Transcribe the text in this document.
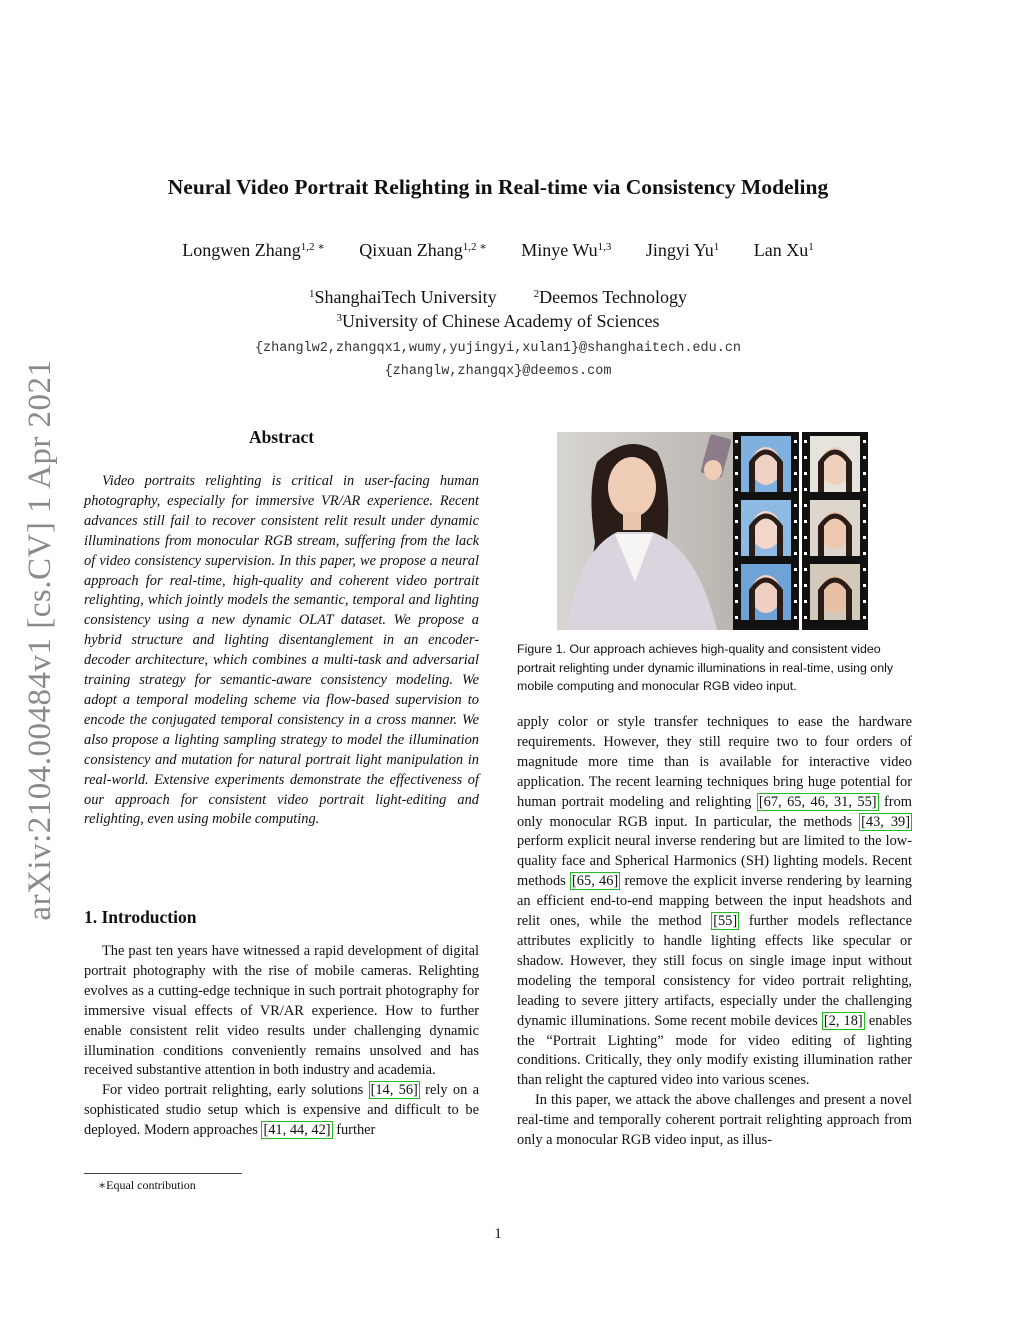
arXiv:2104.00484v1 [cs.CV] 1 Apr 2021
Neural Video Portrait Relighting in Real-time via Consistency Modeling
Longwen Zhang$^{1,2 ∗}$ Qixuan Zhang$^{1,2 ∗}$ Minye Wu$^{1,3}$ Jingyi Yu$^1$ Lan Xu$^1$
$^1$ShanghaiTech University	$^2$Deemos Technology
$^3$University of Chinese Academy of Sciences
{zhanglw2,zhangqx1,wumy,yujingyi,xulan1}@shanghaitech.edu.cn
{zhanglw,zhangqx}@deemos.com
Abstract

Video portraits relighting is critical in user-facing human photography, especially for immersive VR/AR experience. Recent advances still fail to recover consistent relit result under dynamic illuminations from monocular RGB stream, suffering from the lack of video consistency supervision. In this paper, we propose a neural approach for real-time, high-quality and coherent video portrait relighting, which jointly models the semantic, temporal and lighting consistency using a new dynamic OLAT dataset. We propose a hybrid structure and lighting disentanglement in an encoder-decoder architecture, which combines a multi-task and adversarial training strategy for semantic-aware consistency modeling. We adopt a temporal modeling scheme via flow-based supervision to encode the conjugated temporal consistency in a cross manner. We also propose a lighting sampling strategy to model the illumination consistency and mutation for natural portrait light manipulation in real-world. Extensive experiments demonstrate the effectiveness of our approach for consistent video portrait light-editing and relighting, even using mobile computing.

1. Introduction

The past ten years have witnessed a rapid development of digital portrait photography with the rise of mobile cameras. Relighting evolves as a cutting-edge technique in such portrait photography for immersive visual effects of VR/AR experience. How to further enable consistent relit video results under challenging dynamic illumination conditions conveniently remains unsolved and has received substantive attention in both industry and academia.

For video portrait relighting, early solutions [14, 56] rely on a sophisticated studio setup which is expensive and difficult to be deployed. Modern approaches [41, 44, 42] further

∗Equal contribution
Figure 1. Our approach achieves high-quality and consistent video portrait relighting under dynamic illuminations in real-time, using only mobile computing and monocular RGB video input.

apply color or style transfer techniques to ease the hardware requirements. However, they still require two to four orders of magnitude more time than is available for interactive video application. The recent learning techniques bring huge potential for human portrait modeling and relighting [67, 65, 46, 31, 55] from only monocular RGB input. In particular, the methods [43, 39] perform explicit neural inverse rendering but are limited to the low-quality face and Spherical Harmonics (SH) lighting models. Recent methods [65, 46] remove the explicit inverse rendering by learning an efficient end-to-end mapping between the input headshots and relit ones, while the method [55] further models reflectance attributes explicitly to handle lighting effects like specular or shadow. However, they still focus on single image input without modeling the temporal consistency for video portrait relighting, leading to severe jittery artifacts, especially under the challenging dynamic illuminations. Some recent mobile devices [2, 18] enables the “Portrait Lighting” mode for video editing of lighting conditions. Critically, they only modify existing illumination rather than relight the captured video into various scenes.

In this paper, we attack the above challenges and present a novel real-time and temporally coherent portrait relighting approach from only a monocular RGB video input, as illus-

1
